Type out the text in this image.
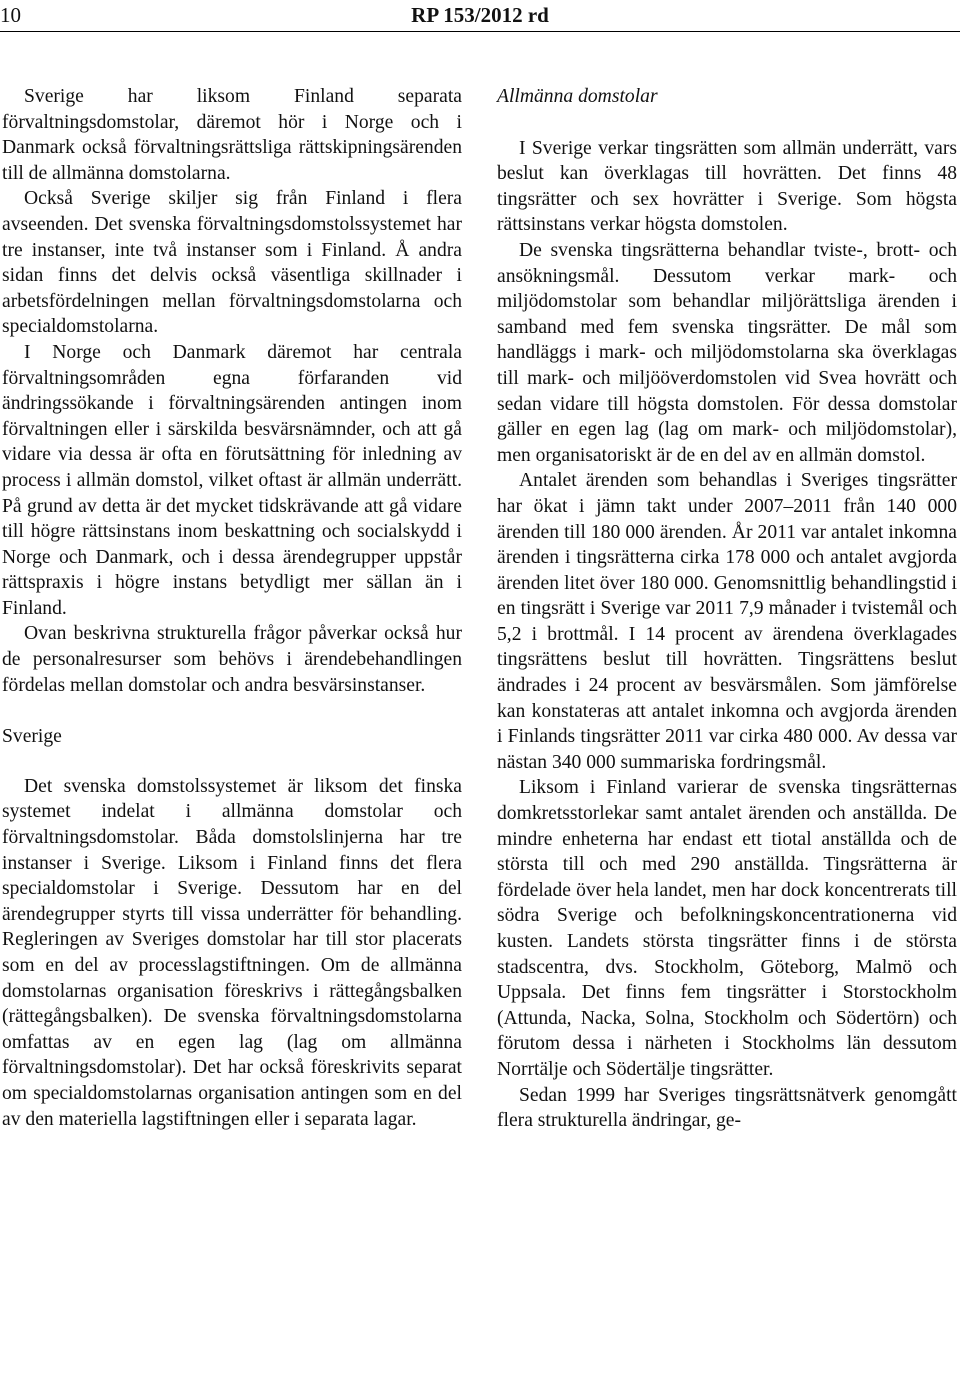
10	RP 153/2012 rd

Sverige har liksom Finland separata förvaltningsdomstolar, däremot hör i Norge och i Danmark också förvaltningsrättsliga rättskipningsärenden till de allmänna domstolarna.

Också Sverige skiljer sig från Finland i flera avseenden. Det svenska förvaltningsdomstolssystemet har tre instanser, inte två instanser som i Finland. Å andra sidan finns det delvis också väsentliga skillnader i arbetsfördelningen mellan förvaltningsdomstolarna och specialdomstolarna.

I Norge och Danmark däremot har centrala förvaltningsområden egna förfaranden vid ändringssökande i förvaltningsärenden antingen inom förvaltningen eller i särskilda besvärsnämnder, och att gå vidare via dessa är ofta en förutsättning för inledning av process i allmän domstol, vilket oftast är allmän underrätt. På grund av detta är det mycket tidskrävande att gå vidare till högre rättsinstans inom beskattning och socialskydd i Norge och Danmark, och i dessa ärendegrupper uppstår rättspraxis i högre instans betydligt mer sällan än i Finland.

Ovan beskrivna strukturella frågor påverkar också hur de personalresurser som behövs i ärendebehandlingen fördelas mellan domstolar och andra besvärsinstanser.

Sverige

Det svenska domstolssystemet är liksom det finska systemet indelat i allmänna domstolar och förvaltningsdomstolar. Båda domstolslinjerna har tre instanser i Sverige. Liksom i Finland finns det flera specialdomstolar i Sverige. Dessutom har en del ärendegrupper styrts till vissa underrätter för behandling. Regleringen av Sveriges domstolar har till stor placerats som en del av processlagstiftningen. Om de allmänna domstolarnas organisation föreskrivs i rättegångsbalken (rättegångsbalken). De svenska förvaltningsdomstolarna omfattas av en egen lag (lag om allmänna förvaltningsdomstolar). Det har också föreskrivits separat om specialdomstolarnas organisation antingen som en del av den materiella lagstiftningen eller i separata lagar.

Allmänna domstolar

I Sverige verkar tingsrätten som allmän underrätt, vars beslut kan överklagas till hovrätten. Det finns 48 tingsrätter och sex hovrätter i Sverige. Som högsta rättsinstans verkar högsta domstolen.

De svenska tingsrätterna behandlar tviste-, brott- och ansökningsmål. Dessutom verkar mark- och miljödomstolar som behandlar miljörättsliga ärenden i samband med fem svenska tingsrätter. De mål som handläggs i mark- och miljödomstolarna ska överklagas till mark- och miljööverdomstolen vid Svea hovrätt och sedan vidare till högsta domstolen. För dessa domstolar gäller en egen lag (lag om mark- och miljödomstolar), men organisatoriskt är de en del av en allmän domstol.

Antalet ärenden som behandlas i Sveriges tingsrätter har ökat i jämn takt under 2007–2011 från 140 000 ärenden till 180 000 ärenden. År 2011 var antalet inkomna ärenden i tingsrätterna cirka 178 000 och antalet avgjorda ärenden litet över 180 000. Genomsnittlig behandlingstid i en tingsrätt i Sverige var 2011 7,9 månader i tvistemål och 5,2 i brottmål. I 14 procent av ärendena överklagades tingsrättens beslut till hovrätten. Tingsrättens beslut ändrades i 24 procent av besvärsmålen. Som jämförelse kan konstateras att antalet inkomna och avgjorda ärenden i Finlands tingsrätter 2011 var cirka 480 000. Av dessa var nästan 340 000 summariska fordringsmål.

Liksom i Finland varierar de svenska tingsrätternas domkretsstorlekar samt antalet ärenden och anställda. De mindre enheterna har endast ett tiotal anställda och de största till och med 290 anställda. Tingsrätterna är fördelade över hela landet, men har dock koncentrerats till södra Sverige och befolkningskoncentrationerna vid kusten. Landets största tingsrätter finns i de största stadscentra, dvs. Stockholm, Göteborg, Malmö och Uppsala. Det finns fem tingsrätter i Storstockholm (Attunda, Nacka, Solna, Stockholm och Södertörn) och förutom dessa i närheten i Stockholms län dessutom Norrtälje och Södertälje tingsrätter.

Sedan 1999 har Sveriges tingsrättsnätverk genomgått flera strukturella ändringar, ge-
